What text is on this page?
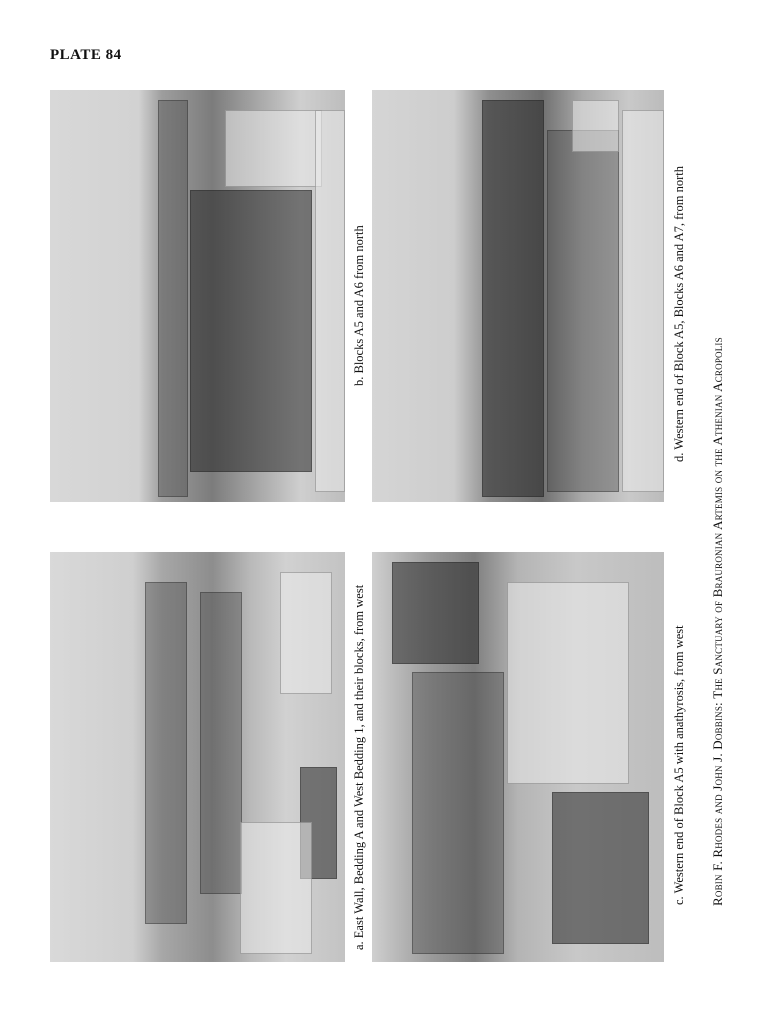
PLATE 84
a. East Wall, Bedding A and West Bedding 1, and their blocks, from west	c. Western end of Block A5 with anathyrosis, from west
b. Blocks A5 and A6 from north	d. Western end of Block A5, Blocks A6 and A7, from north
Robin F. Rhodes and John J. Dobbins: The Sanctuary of Brauronian Artemis on the Athenian Acropolis
